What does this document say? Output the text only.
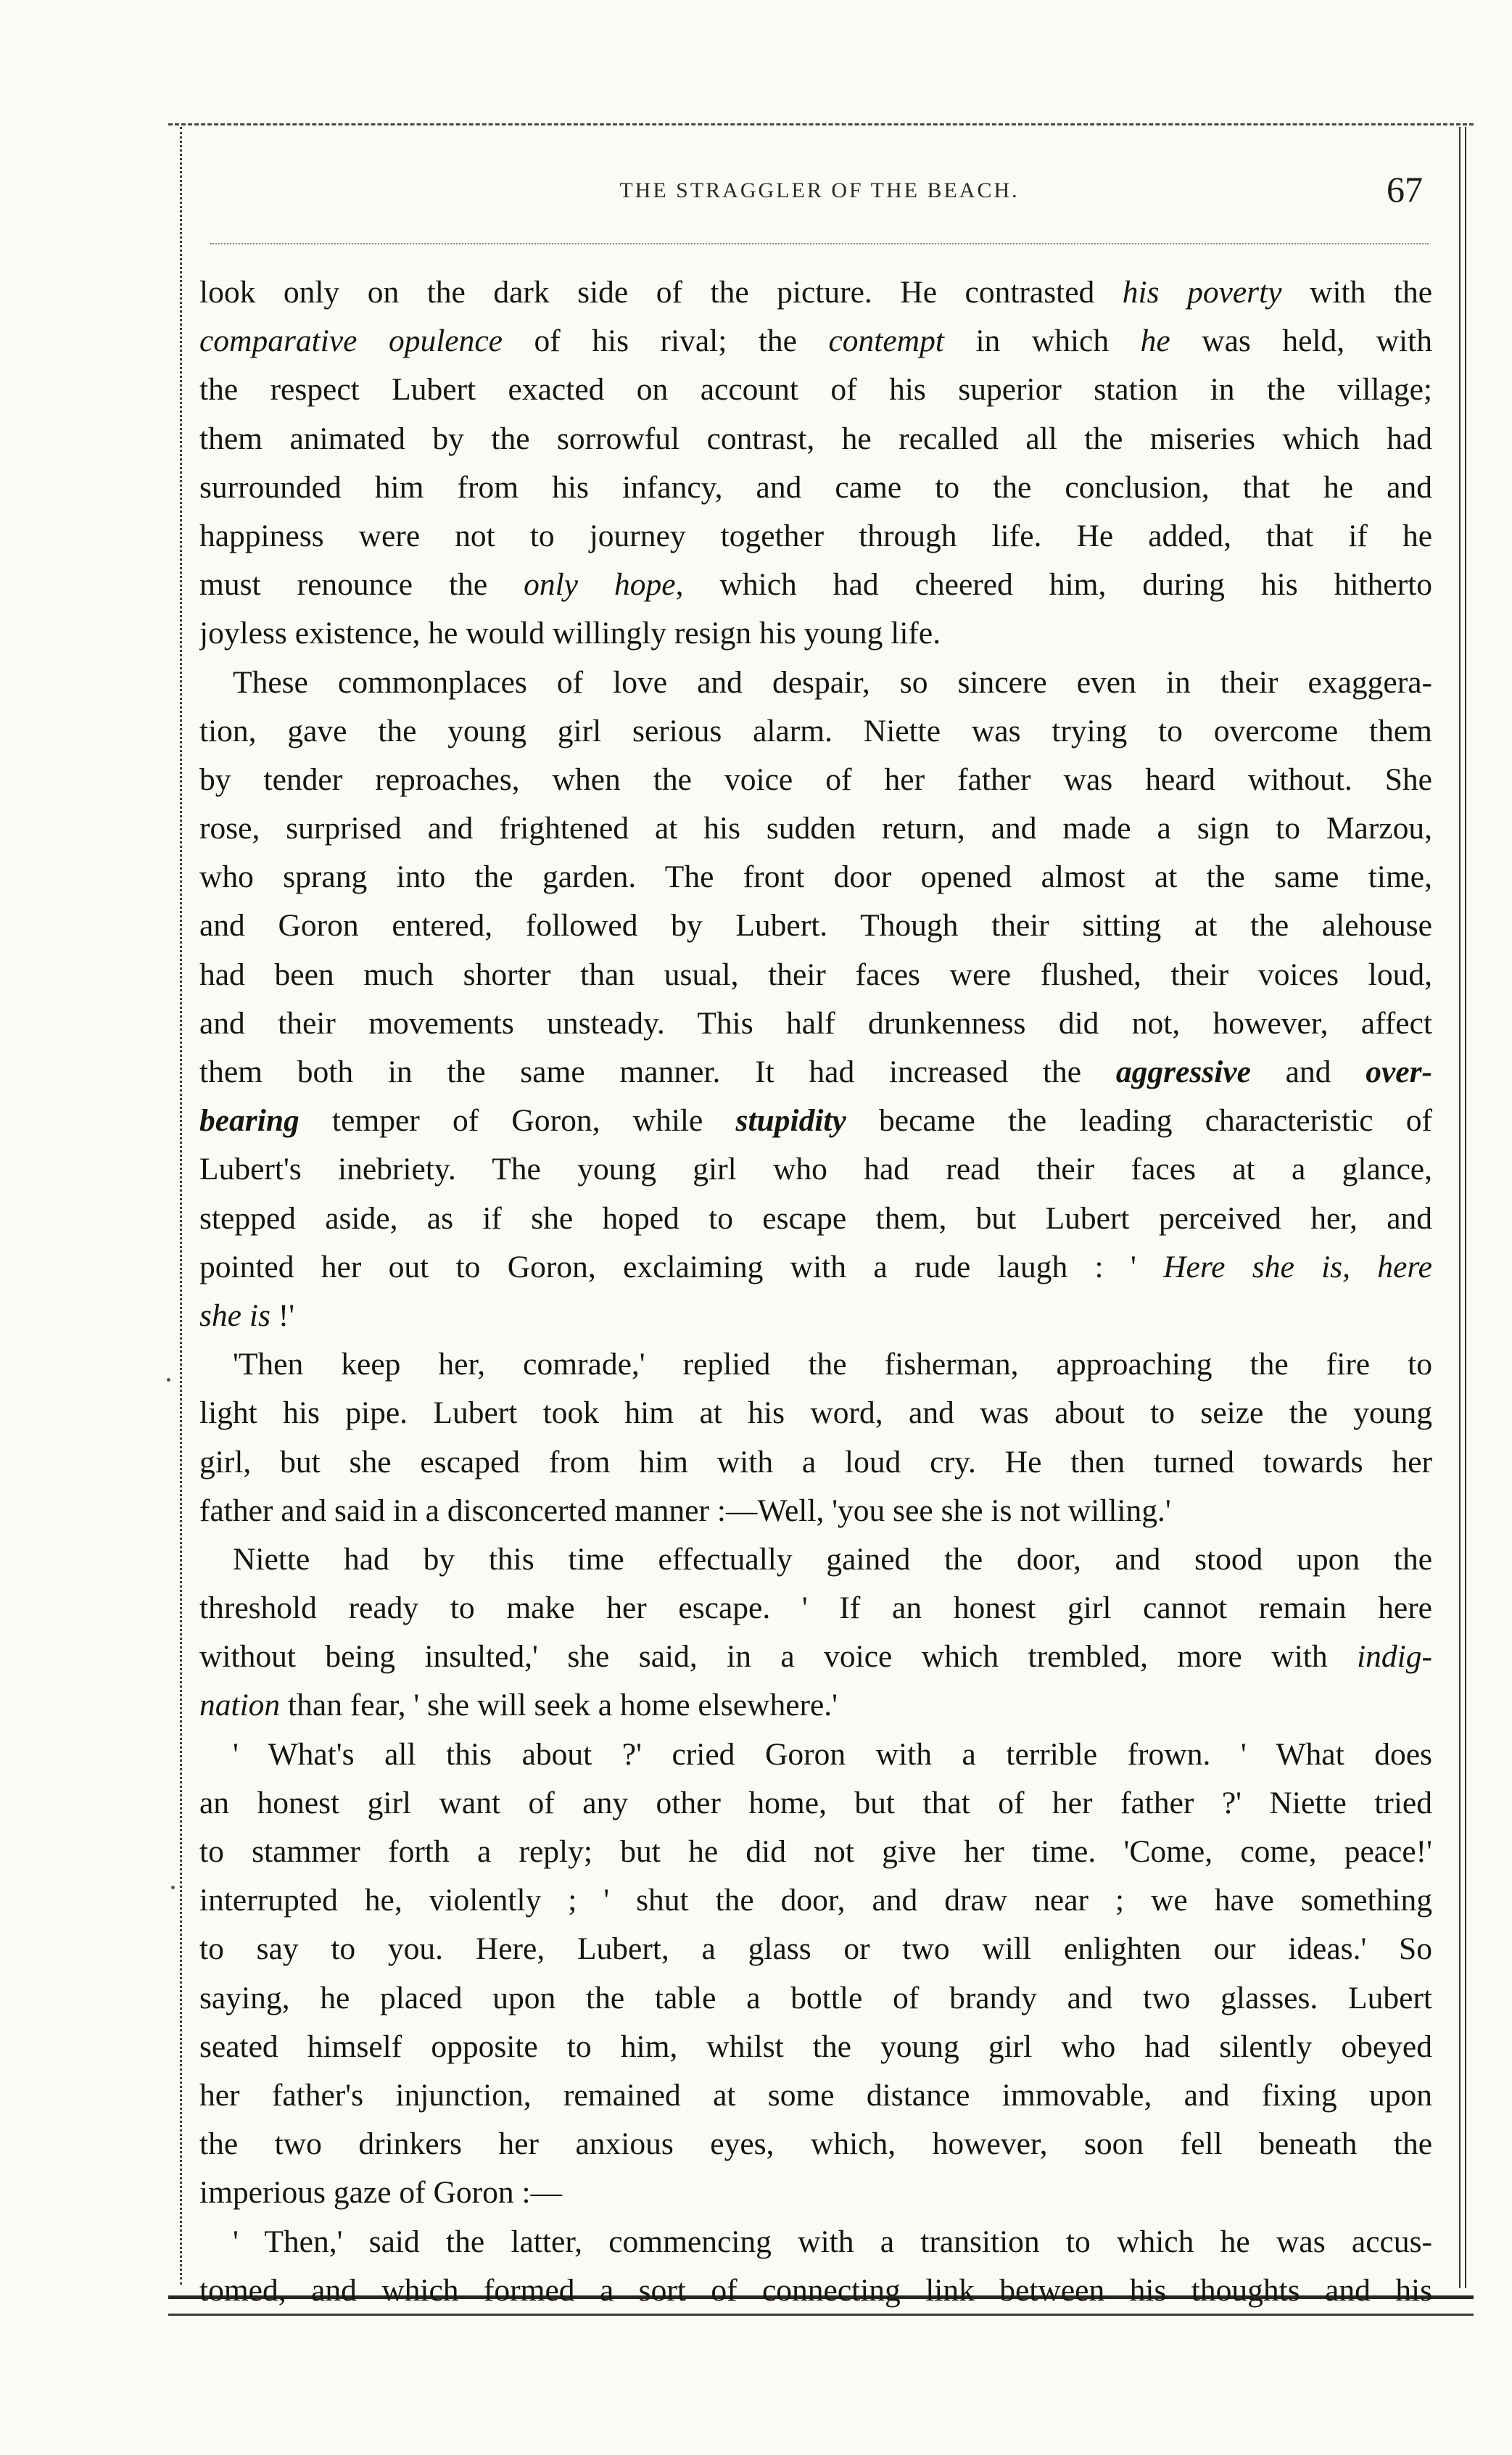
THE STRAGGLER OF THE BEACH.	67
look only on the dark side of the picture. He contrasted his poverty with the
comparative opulence of his rival; the contempt in which he was held, with
the respect Lubert exacted on account of his superior station in the village;
them animated by the sorrowful contrast, he recalled all the miseries which had
surrounded him from his infancy, and came to the conclusion, that he and
happiness were not to journey together through life. He added, that if he
must renounce the only hope, which had cheered him, during his hitherto
joyless existence, he would willingly resign his young life.
These commonplaces of love and despair, so sincere even in their exaggera-
tion, gave the young girl serious alarm. Niette was trying to overcome them
by tender reproaches, when the voice of her father was heard without. She
rose, surprised and frightened at his sudden return, and made a sign to Marzou,
who sprang into the garden. The front door opened almost at the same time,
and Goron entered, followed by Lubert. Though their sitting at the alehouse
had been much shorter than usual, their faces were flushed, their voices loud,
and their movements unsteady. This half drunkenness did not, however, affect
them both in the same manner. It had increased the aggressive and over-
bearing temper of Goron, while stupidity became the leading characteristic of
Lubert's inebriety. The young girl who had read their faces at a glance,
stepped aside, as if she hoped to escape them, but Lubert perceived her, and
pointed her out to Goron, exclaiming with a rude laugh : ' Here she is, here
she is !'
'Then keep her, comrade,' replied the fisherman, approaching the fire to
light his pipe. Lubert took him at his word, and was about to seize the young
girl, but she escaped from him with a loud cry. He then turned towards her
father and said in a disconcerted manner :—Well, 'you see she is not willing.'
Niette had by this time effectually gained the door, and stood upon the
threshold ready to make her escape. ' If an honest girl cannot remain here
without being insulted,' she said, in a voice which trembled, more with indig-
nation than fear, ' she will seek a home elsewhere.'
' What's all this about ?' cried Goron with a terrible frown. ' What does
an honest girl want of any other home, but that of her father ?' Niette tried
to stammer forth a reply; but he did not give her time. 'Come, come, peace!'
interrupted he, violently ; ' shut the door, and draw near ; we have something
to say to you. Here, Lubert, a glass or two will enlighten our ideas.' So
saying, he placed upon the table a bottle of brandy and two glasses. Lubert
seated himself opposite to him, whilst the young girl who had silently obeyed
her father's injunction, remained at some distance immovable, and fixing upon
the two drinkers her anxious eyes, which, however, soon fell beneath the
imperious gaze of Goron :—
' Then,' said the latter, commencing with a transition to which he was accus-
tomed, and which formed a sort of connecting link between his thoughts and his
